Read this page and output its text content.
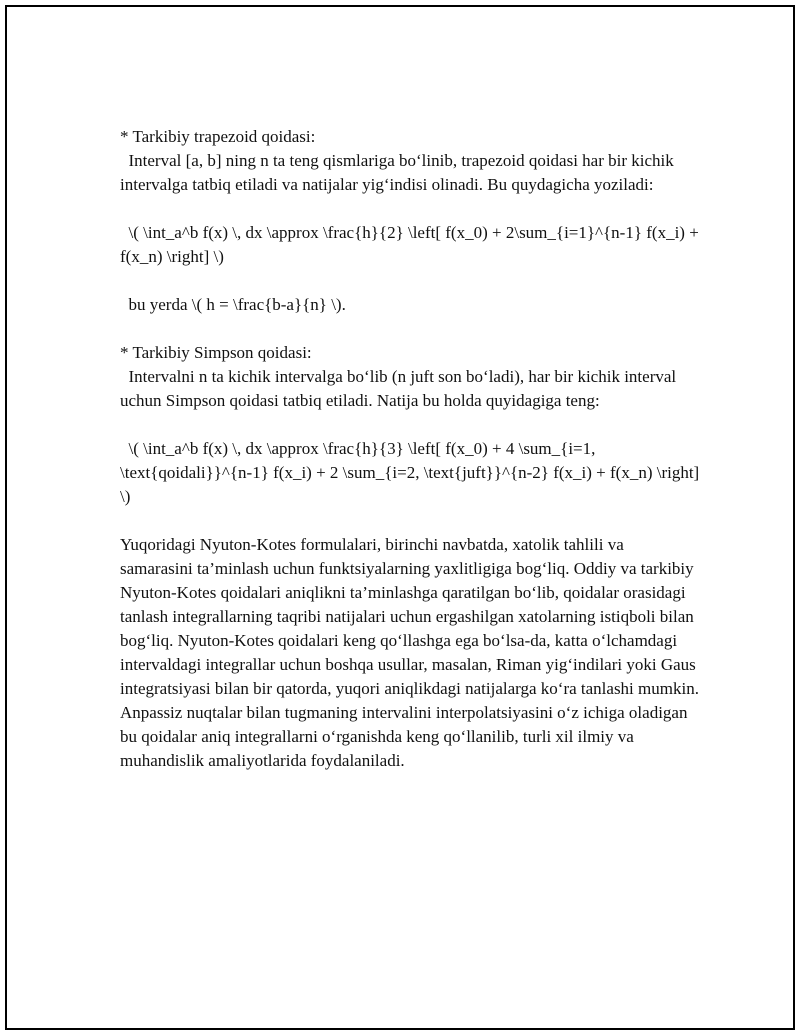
* Tarkibiy trapezoid qoidasi:

Interval [a, b] ning n ta teng qismlariga bo‘linib, trapezoid qoidasi har bir kichik intervalga tatbiq etiladi va natijalar yig‘indisi olinadi. Bu quydagicha yoziladi:

\( \int_a^b f(x) \, dx \approx \frac{h}{2} \left[ f(x_0) + 2\sum_{i=1}^{n-1} f(x_i) + f(x_n) \right] \)

bu yerda \( h = \frac{b-a}{n} \).

* Tarkibiy Simpson qoidasi:

Intervalni n ta kichik intervalga bo‘lib (n juft son bo‘ladi), har bir kichik interval uchun Simpson qoidasi tatbiq etiladi. Natija bu holda quyidagiga teng:

\( \int_a^b f(x) \, dx \approx \frac{h}{3} \left[ f(x_0) + 4 \sum_{i=1, \text{qoidali}}^{n-1} f(x_i) + 2 \sum_{i=2, \text{juft}}^{n-2} f(x_i) + f(x_n) \right] \)

Yuqoridagi Nyuton-Kotes formulalari, birinchi navbatda, xatolik tahlili va samarasini ta’minlash uchun funktsiyalarning yaxlitligiga bog‘liq. Oddiy va tarkibiy Nyuton-Kotes qoidalari aniqlikni ta’minlashga qaratilgan bo‘lib, qoidalar orasidagi tanlash integrallarning taqribi natijalari uchun ergashilgan xatolarning istiqboli bilan bog‘liq. Nyuton-Kotes qoidalari keng qo‘llashga ega bo‘lsa-da, katta o‘lchamdagi intervaldagi integrallar uchun boshqa usullar, masalan, Riman yig‘indilari yoki Gaus integratsiyasi bilan bir qatorda, yuqori aniqlikdagi natijalarga ko‘ra tanlashi mumkin. Anpassiz nuqtalar bilan tugmaning intervalini interpolatsiyasini o‘z ichiga oladigan bu qoidalar aniq integrallarni o‘rganishda keng qo‘llanilib, turli xil ilmiy va muhandislik amaliyotlarida foydalaniladi.
